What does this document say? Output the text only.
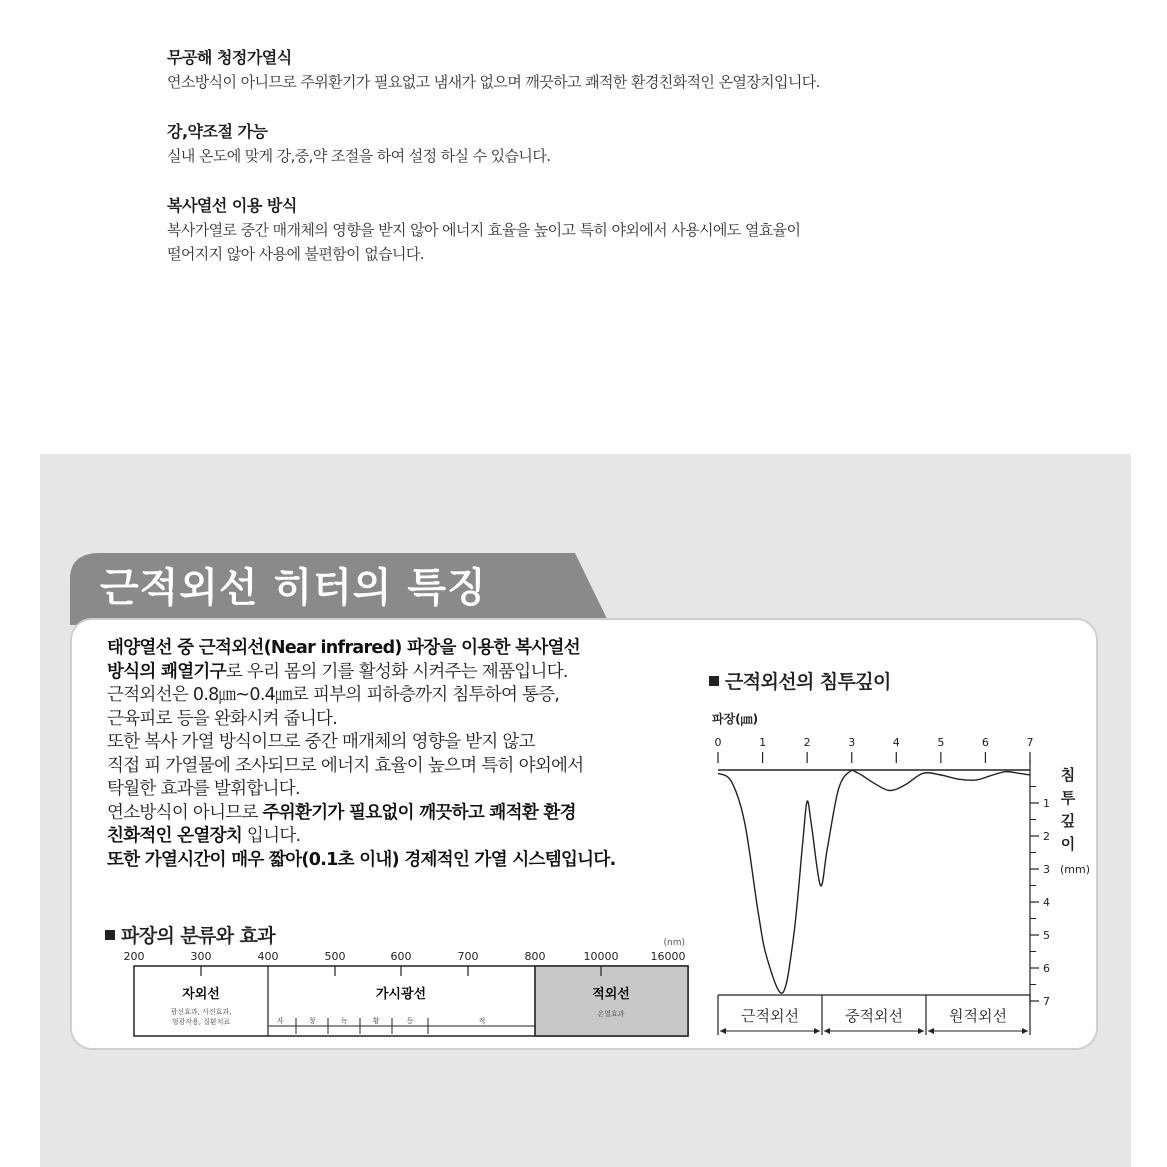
무공해 청정가열식

연소방식이 아니므로 주위환기가 필요없고 냄새가 없으며 깨끗하고 쾌적한 환경친화적인 온열장치입니다.

강,약조절 가능

실내 온도에 맞게 강,중,약 조절을 하여 설정 하실 수 있습니다.

복사열선 이용 방식

복사가열로 중간 매개체의 영향을 받지 않아 에너지 효율을 높이고 특히 야외에서 사용시에도 열효율이

떨어지지 않아 사용에 불편함이 없습니다.

근적외선 히터의 특징
태양열선 중 근적외선(Near infrared) 파장을 이용한 복사열선
방식의 쾌열기구로 우리 몸의 기를 활성화 시켜주는 제품입니다.
근적외선은 0.8㎛~0.4㎛로 피부의 피하층까지 침투하여 통증,
근육피로 등을 완화시켜 줍니다.
또한 복사 가열 방식이므로 중간 매개체의 영향을 받지 않고
직접 피 가열물에 조사되므로 에너지 효율이 높으며 특히 야외에서
탁월한 효과를 발휘합니다.
연소방식이 아니므로 주위환기가 필요없이 깨끗하고 쾌적환 환경
친화적인 온열장치 입니다.
또한 가열시간이 매우 짧아(0.1초 이내) 경제적인 가열 시스템입니다.
파장의 분류와 효과	(nm)
200	300	400	500	600	700	800	10000	16000
자외선
광선효과, 사진효과,
형광작용, 질환치료
가시광선
자	청	녹	황	등	적
적외선
온열효과
근적외선의 침투깊이
파장(㎛)
0	1	2	3	4	5	6	7
1
2
3
4
5
6
7
침
투
깊
이
(mm)
근적외선	중적외선	원적외선
